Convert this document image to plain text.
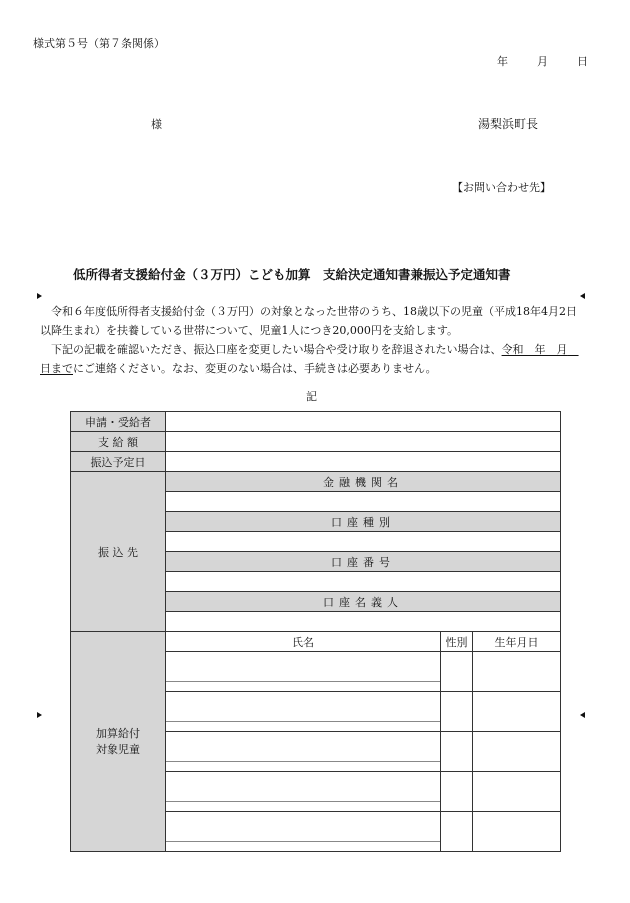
様式第５号（第７条関係）
年	月	日
様	湯梨浜町長
【お問い合わせ先】
低所得者支援給付金（３万円）こども加算　支給決定通知書兼振込予定通知書
令和６年度低所得者支援給付金（３万円）の対象となった世帯のうち、18歳以下の児童（平成18年4月2日以降生まれ）を扶養している世帯について、児童1人につき20,000円を支給します。
下記の記載を確認いただき、振込口座を変更したい場合や受け取りを辞退されたい場合は、令和　年　月　日までにご連絡ください。なお、変更のない場合は、手続きは必要ありません。
記
申請・受給者			
支 給 額			
振込予定日			
振 込 先	金融機関名		

	口座種別		

	口座番号		

	口座名義人		

加算給付
対象児童	氏名	性別	生年月日
